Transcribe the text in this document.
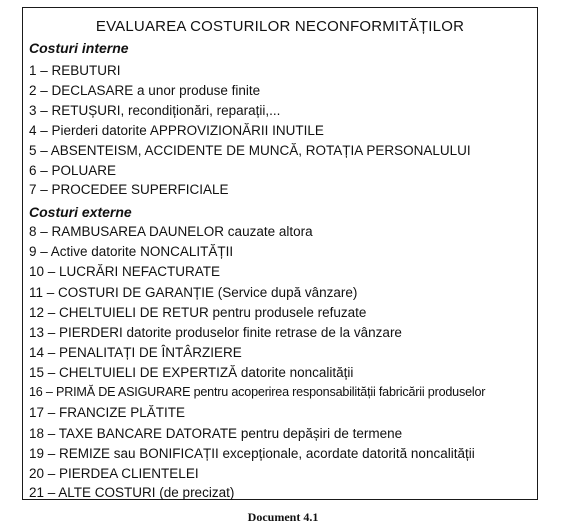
EVALUAREA COSTURILOR NECONFORMITĂȚILOR
Costuri interne
1 – REBUTURI
2 – DECLASARE a unor produse finite
3 – RETUȘURI, recondiționări, reparații,...
4 – Pierderi datorite APPROVIZIONĂRII INUTILE
5 – ABSENTEISM, ACCIDENTE DE MUNCĂ, ROTAȚIA PERSONALULUI
6 – POLUARE
7 – PROCEDEE SUPERFICIALE
Costuri externe
8 – RAMBUSAREA DAUNELOR cauzate altora
9 – Active datorite NONCALITĂȚII
10 – LUCRĂRI NEFACTURATE
11 – COSTURI DE GARANȚIE (Service după vânzare)
12 – CHELTUIELI DE RETUR pentru produsele refuzate
13 – PIERDERI datorite produselor finite retrase de la vânzare
14 – PENALITAȚI DE ÎNTÂRZIERE
15 – CHELTUIELI DE EXPERTIZĂ datorite noncalității
16 – PRIMĂ DE ASIGURARE pentru acoperirea responsabilității fabricării produselor
17 – FRANCIZE PLĂTITE
18 – TAXE BANCARE DATORATE pentru depășiri de termene
19 – REMIZE sau BONIFICAȚII excepționale, acordate datorită noncalității
20 – PIERDEA CLIENTELEI
21 – ALTE COSTURI (de precizat)
Document 4.1
